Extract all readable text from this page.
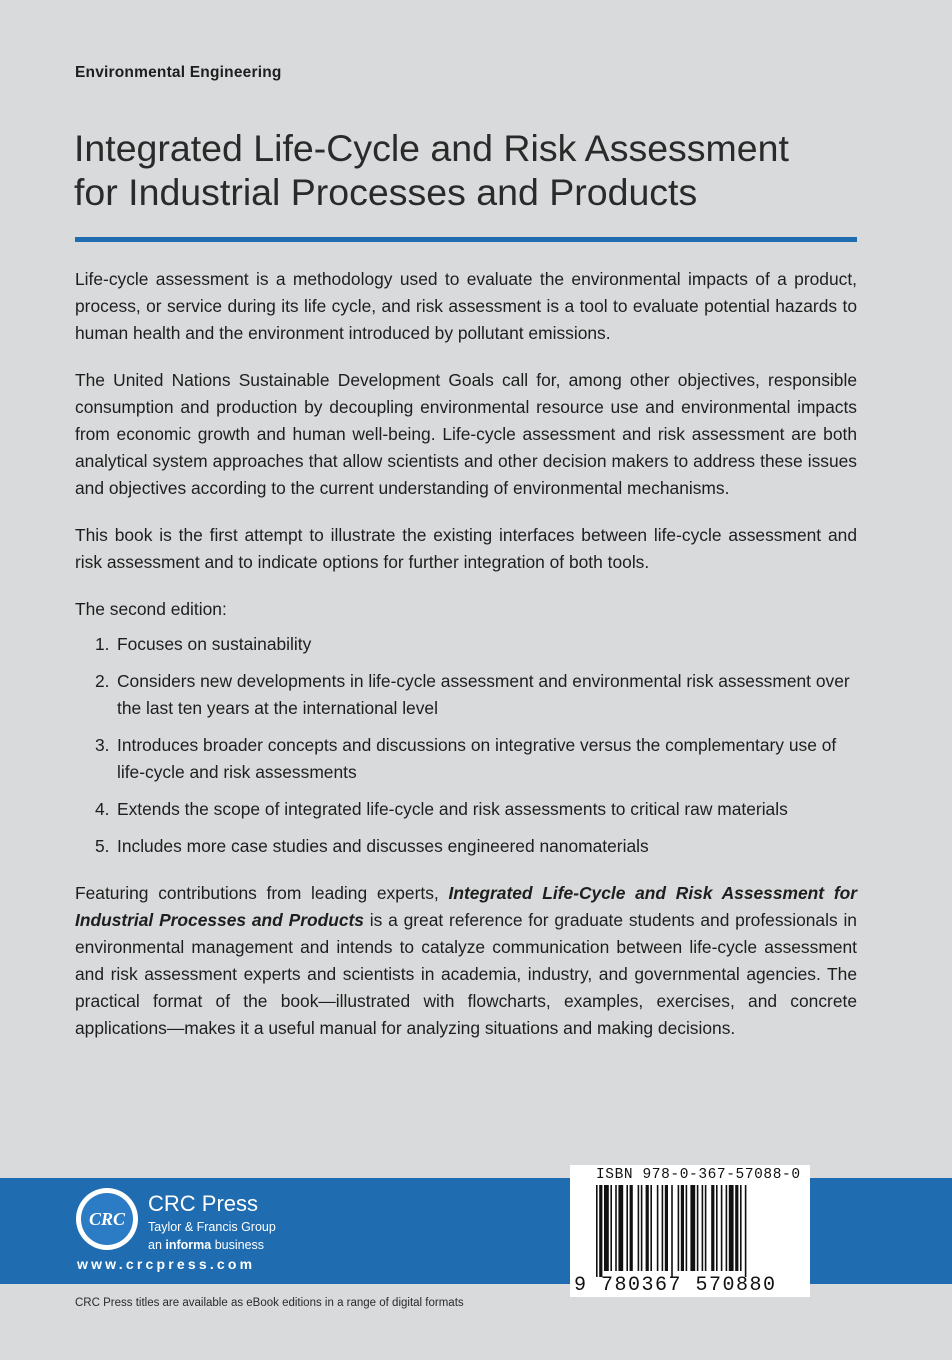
Environmental Engineering
Integrated Life-Cycle and Risk Assessment
for Industrial Processes and Products

Life-cycle assessment is a methodology used to evaluate the environmental impacts of a product, process, or service during its life cycle, and risk assessment is a tool to evaluate potential hazards to human health and the environment introduced by pollutant emissions.

The United Nations Sustainable Development Goals call for, among other objectives, responsible consumption and production by decoupling environmental resource use and environmental impacts from economic growth and human well-being. Life-cycle assessment and risk assessment are both analytical system approaches that allow scientists and other decision makers to address these issues and objectives according to the current understanding of environmental mechanisms.

This book is the first attempt to illustrate the existing interfaces between life-cycle assessment and risk assessment and to indicate options for further integration of both tools.

The second edition:

1. Focuses on sustainability
2. Considers new developments in life-cycle assessment and environmental risk assessment over the last ten years at the international level
3. Introduces broader concepts and discussions on integrative versus the complementary use of life-cycle and risk assessments
4. Extends the scope of integrated life-cycle and risk assessments to critical raw materials
5. Includes more case studies and discusses engineered nanomaterials

Featuring contributions from leading experts, Integrated Life-Cycle and Risk Assessment for Industrial Processes and Products is a great reference for graduate students and professionals in environmental management and intends to catalyze communication between life-cycle assessment and risk assessment experts and scientists in academia, industry, and governmental agencies. The practical format of the book—illustrated with flowcharts, examples, exercises, and concrete applications—makes it a useful manual for analyzing situations and making decisions.

CRC
CRC Press
Taylor & Francis Group
an informa business
www.crcpress.com
ISBN 978-0-367-57088-0
9 780367 570880
CRC Press titles are available as eBook editions in a range of digital formats
